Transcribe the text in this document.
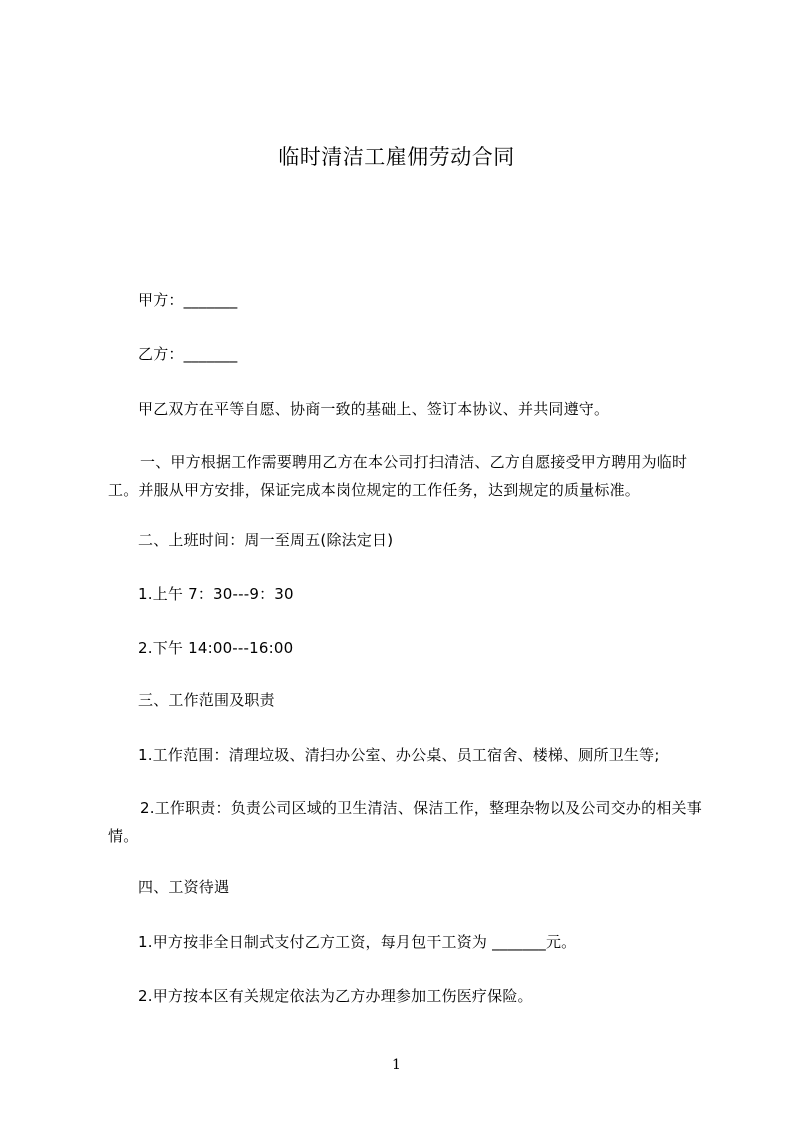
临时清洁工雇佣劳动合同
甲方：_______
乙方：_______
甲乙双方在平等自愿、协商一致的基础上、签订本协议、并共同遵守。
一、甲方根据工作需要聘用乙方在本公司打扫清洁、乙方自愿接受甲方聘用为临时工。并服从甲方安排，保证完成本岗位规定的工作任务，达到规定的质量标准。
二、上班时间：周一至周五(除法定日)
1.上午 7：30---9：30
2.下午 14:00---16:00
三、工作范围及职责
1.工作范围：清理垃圾、清扫办公室、办公桌、员工宿舍、楼梯、厕所卫生等;
2.工作职责：负责公司区域的卫生清洁、保洁工作，整理杂物以及公司交办的相关事情。
四、工资待遇
1.甲方按非全日制式支付乙方工资，每月包干工资为 _______元。
2.甲方按本区有关规定依法为乙方办理参加工伤医疗保险。
1
